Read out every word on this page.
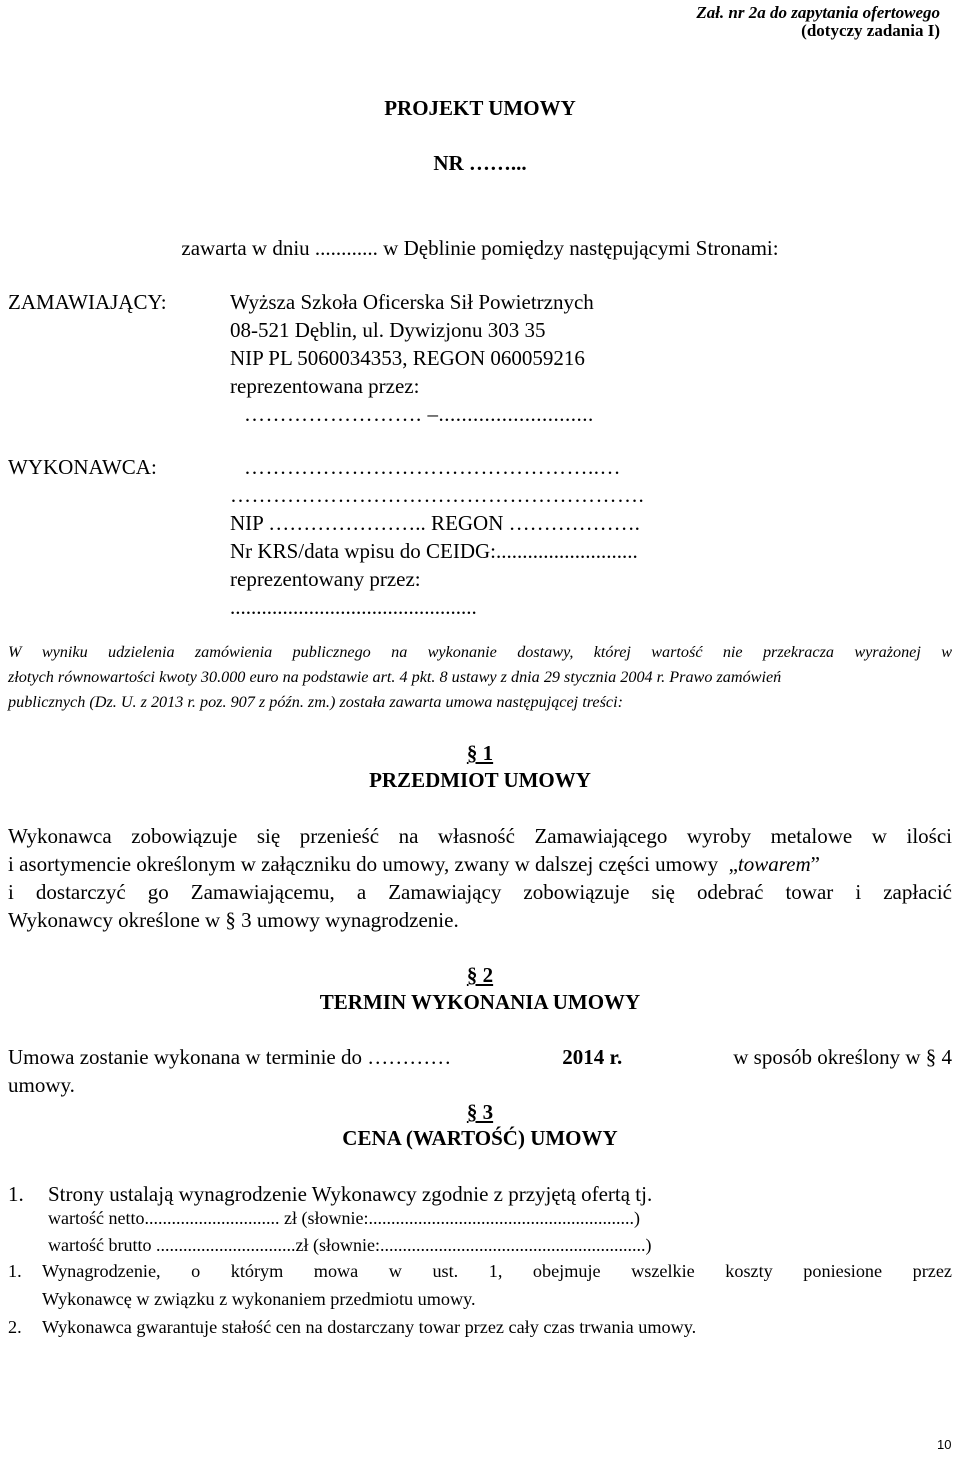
Zał. nr 2a do zapytania ofertowego
(dotyczy zadania I)
PROJEKT UMOWY
NR ……...
zawarta w dniu ............ w Dęblinie pomiędzy następującymi Stronami:
ZAMAWIAJĄCY:	Wyższa Szkoła Oficerska Sił Powietrznych
08-521 Dęblin, ul. Dywizjonu 303 35
NIP PL 5060034353, REGON 060059216
reprezentowana przez:
……………………. –...........................
WYKONAWCA:	…………………………………………..…
………………………………………………….
NIP ………………….. REGON ……………….
Nr KRS/data wpisu do CEIDG:...........................
reprezentowany przez:
...............................................
W wyniku udzielenia zamówienia publicznego na wykonanie dostawy, której wartość nie przekracza wyrażonej w
złotych równowartości kwoty 30.000 euro na podstawie art. 4 pkt. 8 ustawy z dnia 29 stycznia 2004 r. Prawo zamówień
publicznych (Dz. U. z 2013 r. poz. 907 z późn. zm.) została zawarta umowa następującej treści:
§ 1
PRZEDMIOT UMOWY
Wykonawca zobowiązuje się przenieść na własność Zamawiającego wyroby metalowe w ilości
i asortymencie określonym w załączniku do umowy, zwany w dalszej części umowy  „towarem”
i dostarczyć go Zamawiającemu, a Zamawiający zobowiązuje się odebrać towar i zapłacić
Wykonawcy określone w § 3 umowy wynagrodzenie.
§ 2
TERMIN WYKONANIA UMOWY
Umowa zostanie wykonana w terminie do …………	2014 r.	w sposób określony w § 4
umowy.
§ 3
CENA (WARTOŚĆ) UMOWY
1. Strony ustalają wynagrodzenie Wykonawcy zgodnie z przyjętą ofertą tj.
wartość netto.............................. zł (słownie:...........................................................)
wartość brutto ...............................zł (słownie:...........................................................)
1. Wynagrodzenie, o którym mowa w ust. 1, obejmuje wszelkie koszty poniesione przez
Wykonawcę w związku z wykonaniem przedmiotu umowy.
2. Wykonawca gwarantuje stałość cen na dostarczany towar przez cały czas trwania umowy.
10
